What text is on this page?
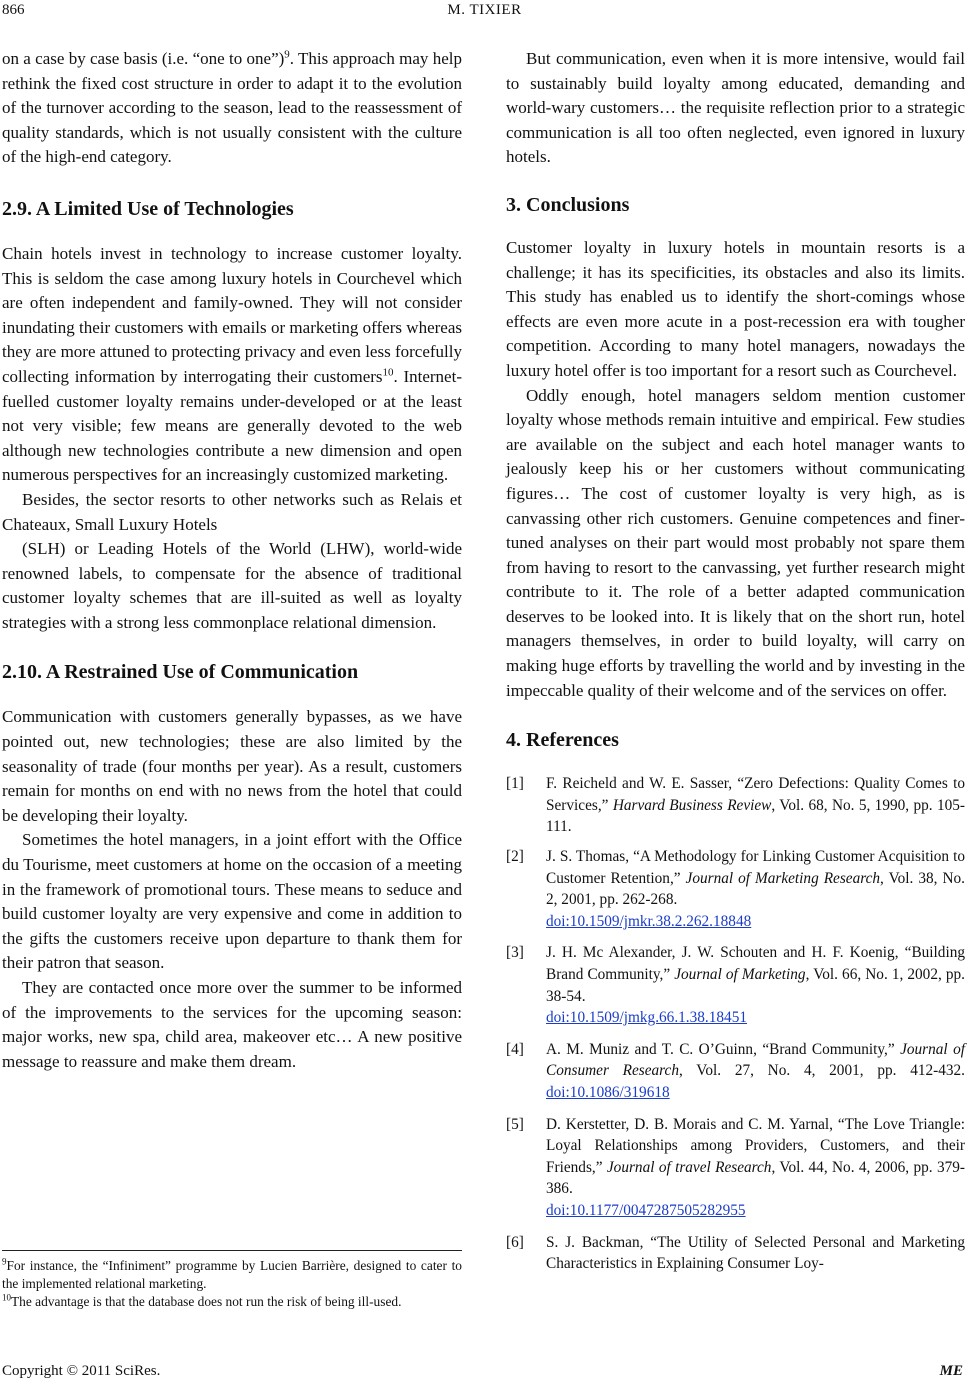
866	M. TIXIER

on a case by case basis (i.e. “one to one”)$^9$. This approach may help rethink the fixed cost structure in order to adapt it to the evolution of the turnover according to the season, lead to the reassessment of quality standards, which is not usually consistent with the culture of the high-end category.

2.9. A Limited Use of Technologies

Chain hotels invest in technology to increase customer loyalty. This is seldom the case among luxury hotels in Courchevel which are often independent and family-owned. They will not consider inundating their customers with emails or marketing offers whereas they are more attuned to protecting privacy and even less forcefully collecting information by interrogating their customers$^{10}$. Internet-fuelled customer loyalty remains under-developed or at the least not very visible; few means are generally devoted to the web although new technologies contribute a new dimension and open numerous perspectives for an increasingly customized marketing.

Besides, the sector resorts to other networks such as Relais et Chateaux, Small Luxury Hotels

(SLH) or Leading Hotels of the World (LHW), world-wide renowned labels, to compensate for the absence of traditional customer loyalty schemes that are ill-suited as well as loyalty strategies with a strong less commonplace relational dimension.

2.10. A Restrained Use of Communication

Communication with customers generally bypasses, as we have pointed out, new technologies; these are also limited by the seasonality of trade (four months per year). As a result, customers remain for months on end with no news from the hotel that could be developing their loyalty.

Sometimes the hotel managers, in a joint effort with the Office du Tourisme, meet customers at home on the occasion of a meeting in the framework of promotional tours. These means to seduce and build customer loyalty are very expensive and come in addition to the gifts the customers receive upon departure to thank them for their patron that season.

They are contacted once more over the summer to be informed of the improvements to the services for the upcoming season: major works, new spa, child area, makeover etc… A new positive message to reassure and make them dream.

$^9$For instance, the “Infiniment” programme by Lucien Barrière, designed to cater to the implemented relational marketing.

$^{10}$The advantage is that the database does not run the risk of being ill-used.

But communication, even when it is more intensive, would fail to sustainably build loyalty among educated, demanding and world-wary customers… the requisite reflection prior to a strategic communication is all too often neglected, even ignored in luxury hotels.

3. Conclusions

Customer loyalty in luxury hotels in mountain resorts is a challenge; it has its specificities, its obstacles and also its limits. This study has enabled us to identify the short-comings whose effects are even more acute in a post-recession era with tougher competition. According to many hotel managers, nowadays the luxury hotel offer is too important for a resort such as Courchevel.

Oddly enough, hotel managers seldom mention customer loyalty whose methods remain intuitive and empirical. Few studies are available on the subject and each hotel manager wants to jealously keep his or her customers without communicating figures… The cost of customer loyalty is very high, as is canvassing other rich customers. Genuine competences and finer-tuned analyses on their part would most probably not spare them from having to resort to the canvassing, yet further research might contribute to it. The role of a better adapted communication deserves to be looked into. It is likely that on the short run, hotel managers themselves, in order to build loyalty, will carry on making huge efforts by travelling the world and by investing in the impeccable quality of their welcome and of the services on offer.

4. References
[1] F. Reicheld and W. E. Sasser, “Zero Defections: Quality Comes to Services,” Harvard Business Review, Vol. 68, No. 5, 1990, pp. 105-111.
[2] J. S. Thomas, “A Methodology for Linking Customer Acquisition to Customer Retention,” Journal of Marketing Research, Vol. 38, No. 2, 2001, pp. 262-268.
doi:10.1509/jmkr.38.2.262.18848
[3] J. H. Mc Alexander, J. W. Schouten and H. F. Koenig, “Building Brand Community,” Journal of Marketing, Vol. 66, No. 1, 2002, pp. 38-54.
doi:10.1509/jmkg.66.1.38.18451
[4] A. M. Muniz and T. C. O’Guinn, “Brand Community,” Journal of Consumer Research, Vol. 27, No. 4, 2001, pp. 412-432. doi:10.1086/319618
[5] D. Kerstetter, D. B. Morais and C. M. Yarnal, “The Love Triangle: Loyal Relationships among Providers, Customers, and their Friends,” Journal of travel Research, Vol. 44, No. 4, 2006, pp. 379-386.
doi:10.1177/0047287505282955
[6] S. J. Backman, “The Utility of Selected Personal and Marketing Characteristics in Explaining Consumer Loy-
Copyright © 2011 SciRes.	ME
